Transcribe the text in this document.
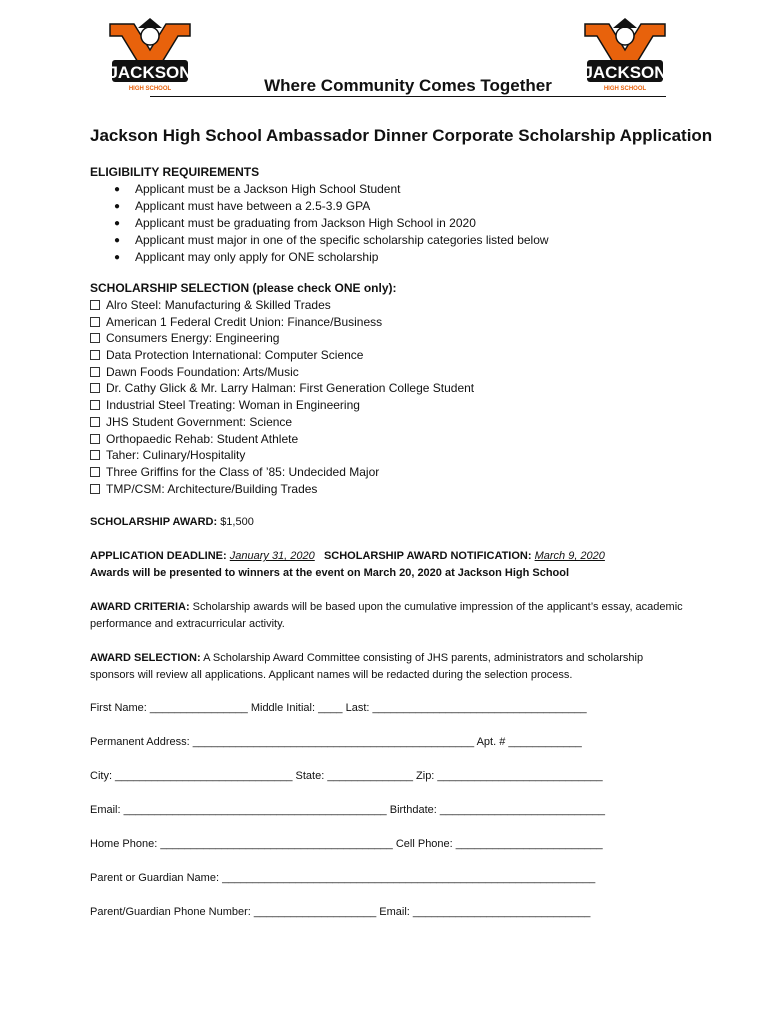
JACKSON
HIGH SCHOOL
JACKSON
HIGH SCHOOL
Where Community Comes Together
Jackson High School Ambassador Dinner Corporate Scholarship Application
ELIGIBILITY REQUIREMENTS
● Applicant must be a Jackson High School Student
● Applicant must have between a 2.5-3.9 GPA
● Applicant must be graduating from Jackson High School in 2020
● Applicant must major in one of the specific scholarship categories listed below
● Applicant may only apply for ONE scholarship
SCHOLARSHIP SELECTION (please check ONE only):
Alro Steel: Manufacturing & Skilled Trades
American 1 Federal Credit Union: Finance/Business
Consumers Energy: Engineering
Data Protection International: Computer Science
Dawn Foods Foundation: Arts/Music
Dr. Cathy Glick & Mr. Larry Halman: First Generation College Student
Industrial Steel Treating: Woman in Engineering
JHS Student Government: Science
Orthopaedic Rehab: Student Athlete
Taher: Culinary/Hospitality
Three Griffins for the Class of ’85: Undecided Major
TMP/CSM: Architecture/Building Trades
SCHOLARSHIP AWARD: $1,500
APPLICATION DEADLINE: January 31, 2020 SCHOLARSHIP AWARD NOTIFICATION: March 9, 2020
Awards will be presented to winners at the event on March 20, 2020 at Jackson High School
AWARD CRITERIA: Scholarship awards will be based upon the cumulative impression of the applicant’s essay, academic performance and extracurricular activity.
AWARD SELECTION: A Scholarship Award Committee consisting of JHS parents, administrators and scholarship sponsors will review all applications. Applicant names will be redacted during the selection process.
First Name: ________________ Middle Initial: ____ Last: ___________________________________
Permanent Address: ______________________________________________ Apt. # ____________
City: _____________________________ State: ______________ Zip: ___________________________
Email: ___________________________________________ Birthdate: ___________________________
Home Phone: ______________________________________ Cell Phone: ________________________
Parent or Guardian Name: _____________________________________________________________
Parent/Guardian Phone Number: ____________________ Email: _____________________________
